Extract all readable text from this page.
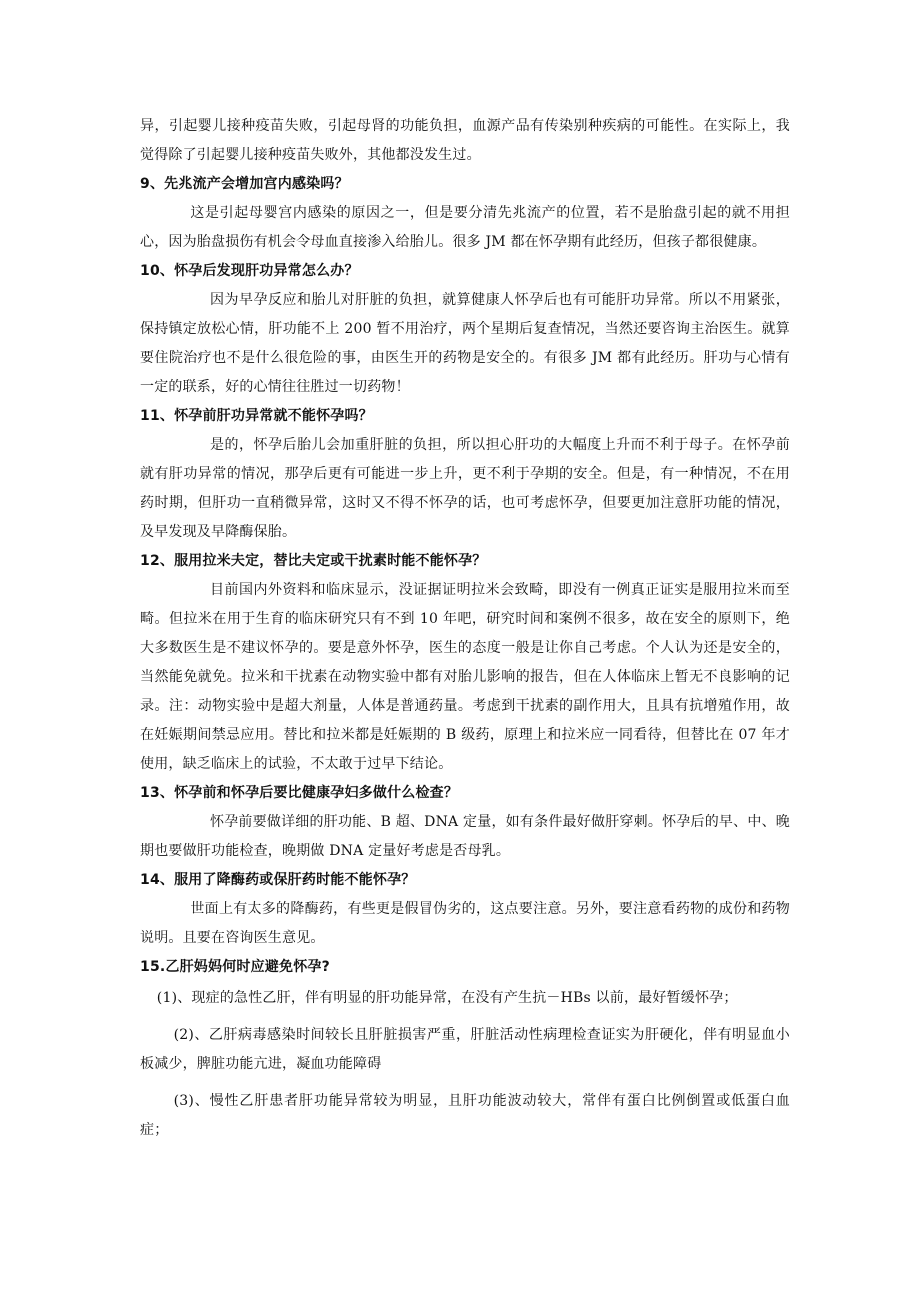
异，引起婴儿接种疫苗失败，引起母肾的功能负担，血源产品有传染别种疾病的可能性。在实际上，我觉得除了引起婴儿接种疫苗失败外，其他都没发生过。

9、先兆流产会增加宫内感染吗？

这是引起母婴宫内感染的原因之一，但是要分清先兆流产的位置，若不是胎盘引起的就不用担心，因为胎盘损伤有机会令母血直接渗入给胎儿。很多 JM 都在怀孕期有此经历，但孩子都很健康。

10、怀孕后发现肝功异常怎么办？

因为早孕反应和胎儿对肝脏的负担，就算健康人怀孕后也有可能肝功异常。所以不用紧张，保持镇定放松心情，肝功能不上 200 暂不用治疗，两个星期后复查情况，当然还要咨询主治医生。就算要住院治疗也不是什么很危险的事，由医生开的药物是安全的。有很多 JM 都有此经历。肝功与心情有一定的联系，好的心情往往胜过一切药物！

11、怀孕前肝功异常就不能怀孕吗？

是的，怀孕后胎儿会加重肝脏的负担，所以担心肝功的大幅度上升而不利于母子。在怀孕前就有肝功异常的情况，那孕后更有可能进一步上升，更不利于孕期的安全。但是，有一种情况，不在用药时期，但肝功一直稍微异常，这时又不得不怀孕的话，也可考虑怀孕，但要更加注意肝功能的情况，及早发现及早降酶保胎。

12、服用拉米夫定，替比夫定或干扰素时能不能怀孕？

目前国内外资料和临床显示，没证据证明拉米会致畸，即没有一例真正证实是服用拉米而至畸。但拉米在用于生育的临床研究只有不到 10 年吧，研究时间和案例不很多，故在安全的原则下，绝大多数医生是不建议怀孕的。要是意外怀孕，医生的态度一般是让你自己考虑。个人认为还是安全的，当然能免就免。拉米和干扰素在动物实验中都有对胎儿影响的报告，但在人体临床上暂无不良影响的记录。注：动物实验中是超大剂量，人体是普通药量。考虑到干扰素的副作用大，且具有抗增殖作用，故在妊娠期间禁忌应用。替比和拉米都是妊娠期的 B 级药，原理上和拉米应一同看待，但替比在 07 年才使用，缺乏临床上的试验，不太敢于过早下结论。

13、怀孕前和怀孕后要比健康孕妇多做什么检查？

怀孕前要做详细的肝功能、B 超、DNA 定量，如有条件最好做肝穿刺。怀孕后的早、中、晚期也要做肝功能检查，晚期做 DNA 定量好考虑是否母乳。

14、服用了降酶药或保肝药时能不能怀孕？

世面上有太多的降酶药，有些更是假冒伪劣的，这点要注意。另外，要注意看药物的成份和药物说明。且要在咨询医生意见。

15.乙肝妈妈何时应避免怀孕?

(1)、现症的急性乙肝，伴有明显的肝功能异常，在没有产生抗－HBs 以前，最好暂缓怀孕；

(2)、乙肝病毒感染时间较长且肝脏损害严重，肝脏活动性病理检查证实为肝硬化，伴有明显血小板减少，脾脏功能亢进，凝血功能障碍

(3)、慢性乙肝患者肝功能异常较为明显，且肝功能波动较大，常伴有蛋白比例倒置或低蛋白血症；
